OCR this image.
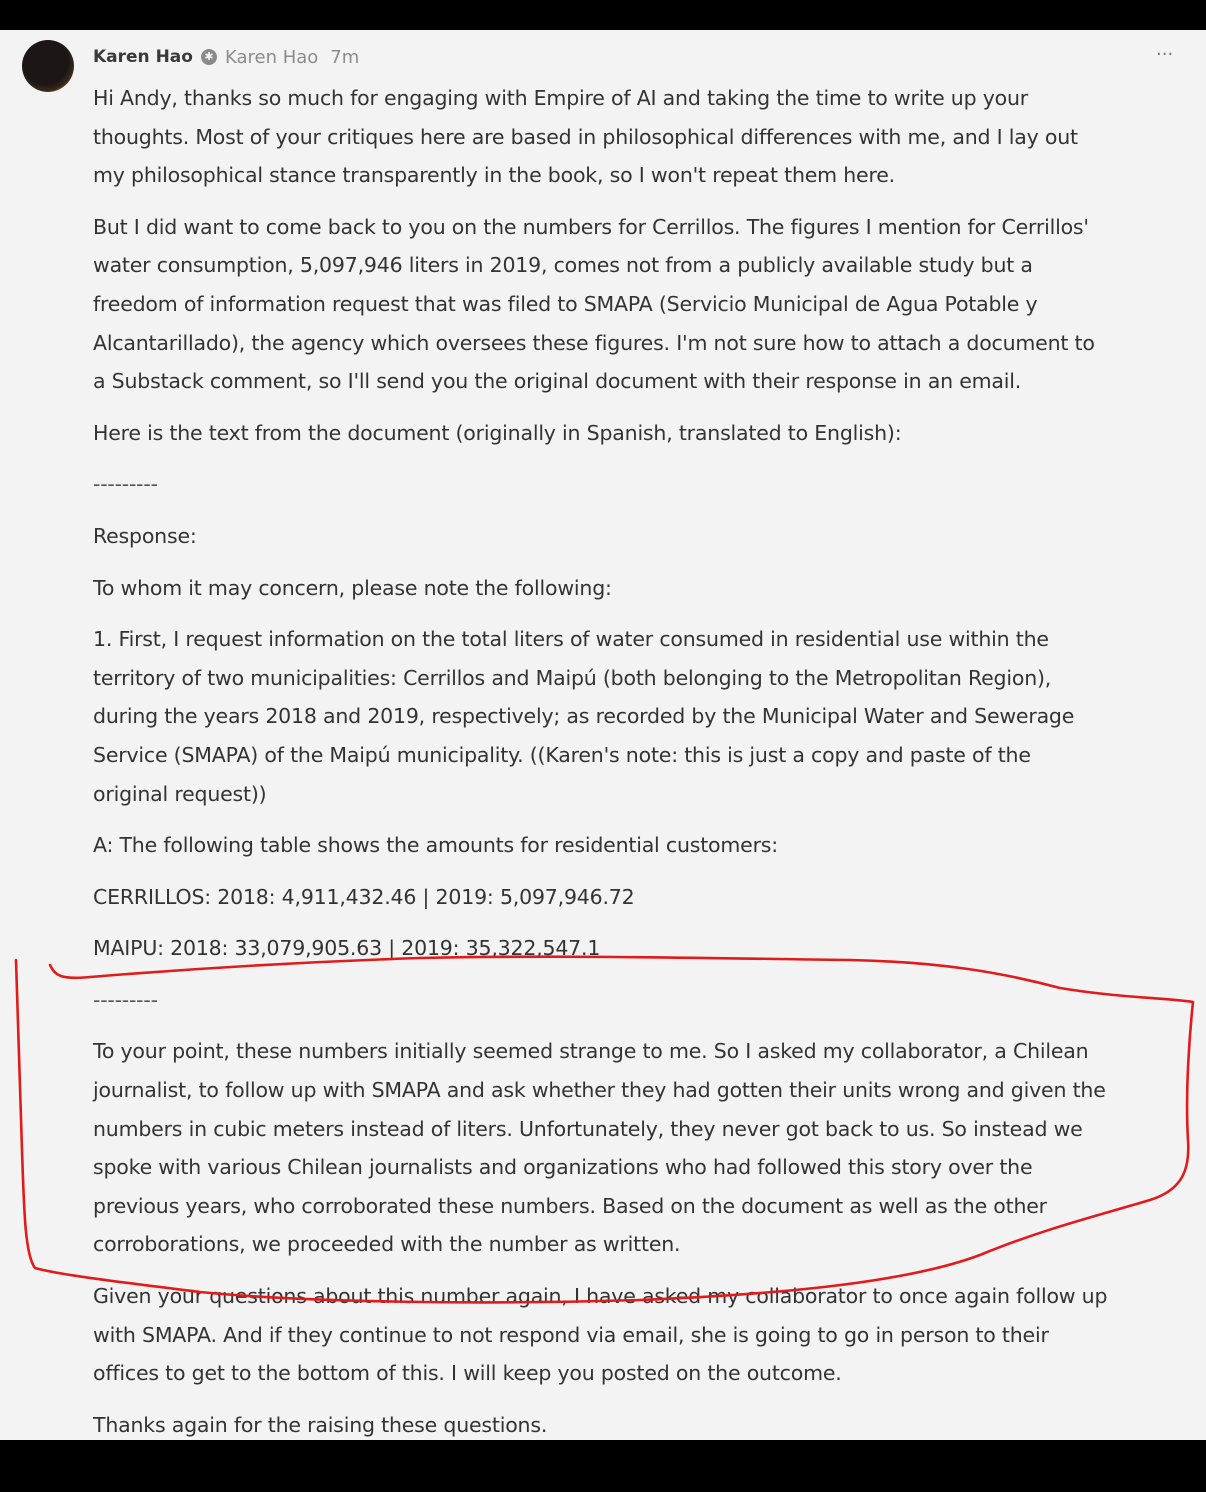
Karen Hao	✱ Karen Hao 7m	···

Hi Andy, thanks so much for engaging with Empire of AI and taking the time to write up your
thoughts. Most of your critiques here are based in philosophical differences with me, and I lay out
my philosophical stance transparently in the book, so I won't repeat them here.

But I did want to come back to you on the numbers for Cerrillos. The figures I mention for Cerrillos'
water consumption, 5,097,946 liters in 2019, comes not from a publicly available study but a
freedom of information request that was filed to SMAPA (Servicio Municipal de Agua Potable y
Alcantarillado), the agency which oversees these figures. I'm not sure how to attach a document to
a Substack comment, so I'll send you the original document with their response in an email.

Here is the text from the document (originally in Spanish, translated to English):

---------

Response:

To whom it may concern, please note the following:

1. First, I request information on the total liters of water consumed in residential use within the
territory of two municipalities: Cerrillos and Maipú (both belonging to the Metropolitan Region),
during the years 2018 and 2019, respectively; as recorded by the Municipal Water and Sewerage
Service (SMAPA) of the Maipú municipality. ((Karen's note: this is just a copy and paste of the
original request))

A: The following table shows the amounts for residential customers:

CERRILLOS: 2018: 4,911,432.46 | 2019: 5,097,946.72

MAIPU: 2018: 33,079,905.63 | 2019: 35,322,547.1

---------

To your point, these numbers initially seemed strange to me. So I asked my collaborator, a Chilean
journalist, to follow up with SMAPA and ask whether they had gotten their units wrong and given the
numbers in cubic meters instead of liters. Unfortunately, they never got back to us. So instead we
spoke with various Chilean journalists and organizations who had followed this story over the
previous years, who corroborated these numbers. Based on the document as well as the other
corroborations, we proceeded with the number as written.

Given your questions about this number again, I have asked my collaborator to once again follow up
with SMAPA. And if they continue to not respond via email, she is going to go in person to their
offices to get to the bottom of this. I will keep you posted on the outcome.

Thanks again for the raising these questions.
